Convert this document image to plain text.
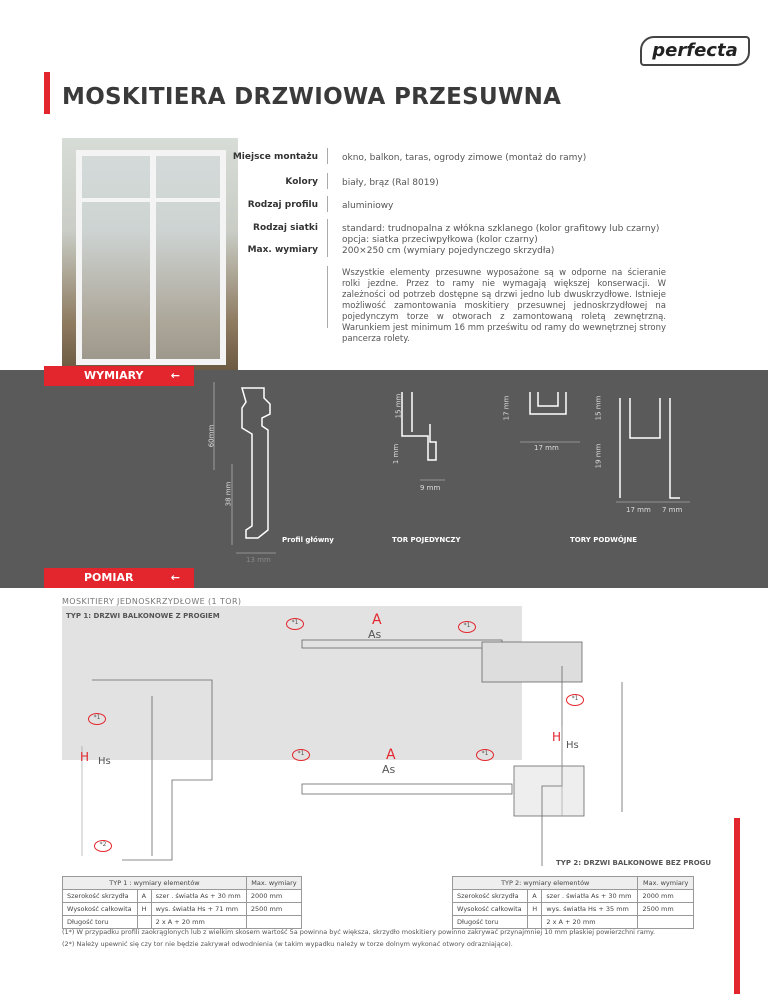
perfecta
MOSKITIERA DRZWIOWA PRZESUWNA
Miejsce montażu	okno, balkon, taras, ogrody zimowe (montaż do ramy)
Kolory	biały, brąz (Ral 8019)
Rodzaj profilu	aluminiowy
Rodzaj siatki	standard: trudnopalna z włókna szklanego (kolor grafitowy lub czarny)
opcja: siatka przeciwpyłkowa (kolor czarny)
Max. wymiary	200×250 cm (wymiary pojedynczego skrzydła)
Wszystkie elementy przesuwne wyposażone są w odporne na ścieranie rolki jezdne. Przez to ramy nie wymagają większej konserwacji. W zależności od potrzeb dostępne są drzwi jedno lub dwuskrzydłowe. Istnieje możliwość zamontowania moskitiery przesuwnej jednoskrzydłowej na pojedynczym torze w otworach z zamontowaną roletą zewnętrzną. Warunkiem jest minimum 16 mm prześwitu od ramy do wewnętrznej strony pancerza rolety.
WYMIARY ←
60mm
38 mm
13 mm
1 mm
15 mm
9 mm
17 mm
17 mm
15 mm
19 mm
17 mm 7 mm
Profil główny	TOR POJEDYNCZY	TORY PODWÓJNE
POMIAR	←
MOSKITIERY JEDNOSKRZYDŁOWE (1 TOR)
TYP 1: DRZWI BALKONOWE Z PROGIEM
TYP 2: DRZWI BALKONOWE BEZ PROGU
A
As
H Hs	A
As
H
Hs
*1	*1
*1
*1
*1	*1
*2
TYP 1 : wymiary elementów			Max. wymiary
Szerokość skrzydła	A	szer . światła As + 30 mm	2000 mm
Wysokość całkowita	H	wys. światła Hs + 71 mm	2500 mm
Długość toru		2 x A + 20 mm	
TYP 2: wymiary elementów			Max. wymiary
Szerokość skrzydła	A	szer . światła As + 30 mm	2000 mm
Wysokość całkowita	H	wys. światła Hs + 35 mm	2500 mm
Długość toru		2 x A + 20 mm	
(1*) W przypadku profili zaokrąglonych lub z wielkim skosem wartość 5a powinna być większa, skrzydło moskitiery powinno zakrywać przynajmniej 10 mm płaskiej powierzchni ramy.
(2*) Należy upewnić się czy tor nie będzie zakrywał odwodnienia (w takim wypadku należy w torze dolnym wykonać otwory odrazniające).
